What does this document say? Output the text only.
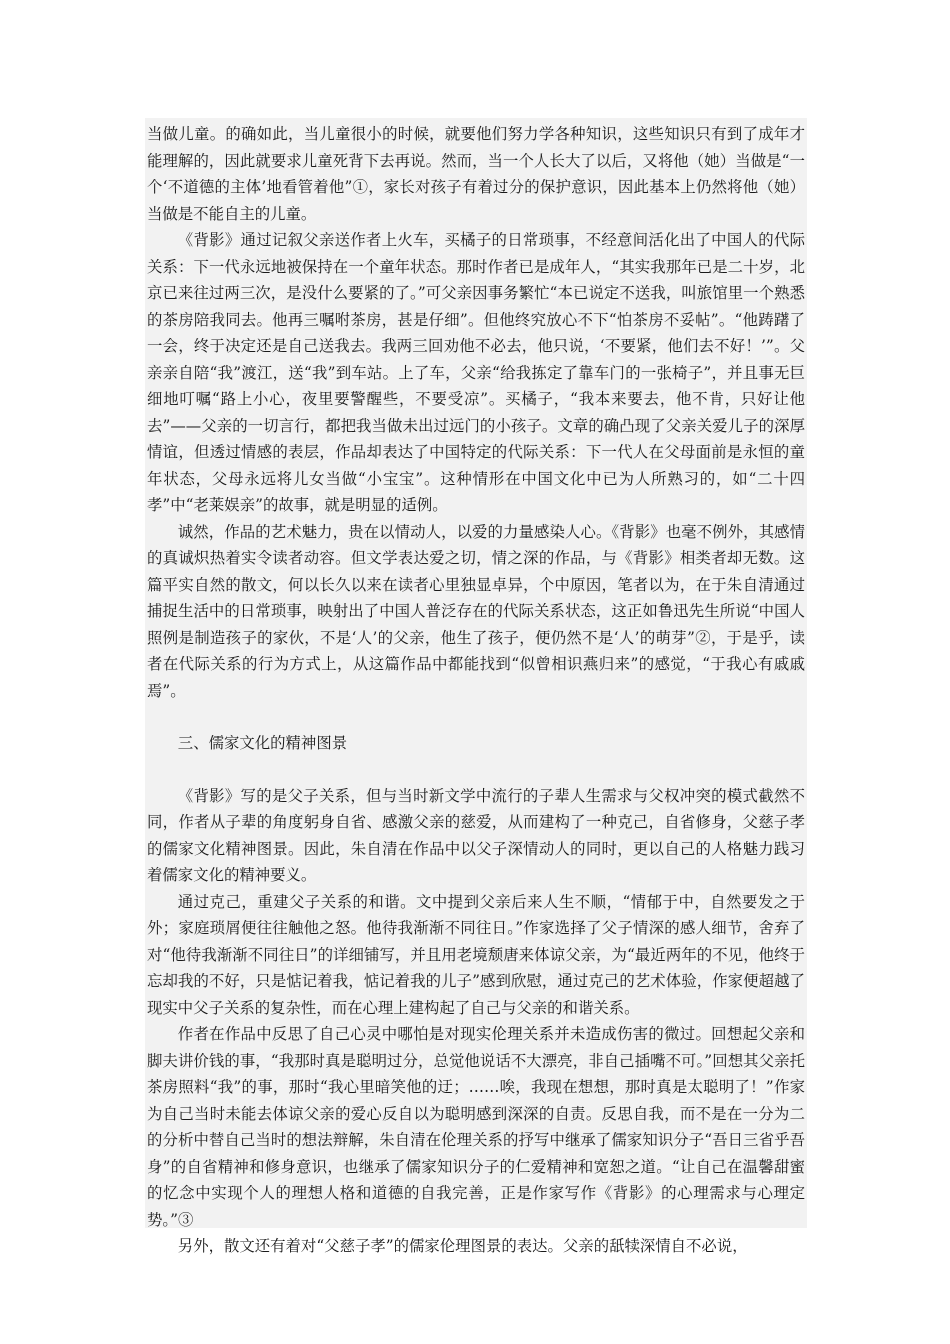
当做儿童。的确如此，当儿童很小的时候，就要他们努力学各种知识，这些知识只有到了成年才能理解的，因此就要求儿童死背下去再说。然而，当一个人长大了以后，又将他（她）当做是“一个‘不道德的主体’地看管着他”①，家长对孩子有着过分的保护意识，因此基本上仍然将他（她）当做是不能自主的儿童。

《背影》通过记叙父亲送作者上火车，买橘子的日常琐事，不经意间活化出了中国人的代际关系：下一代永远地被保持在一个童年状态。那时作者已是成年人，“其实我那年已是二十岁，北京已来往过两三次，是没什么要紧的了。”可父亲因事务繁忙“本已说定不送我，叫旅馆里一个熟悉的茶房陪我同去。他再三嘱咐茶房，甚是仔细”。但他终究放心不下“怕茶房不妥帖”。“他踌躇了一会，终于决定还是自己送我去。我两三回劝他不必去，他只说，‘不要紧，他们去不好！’”。父亲亲自陪“我”渡江，送“我”到车站。上了车，父亲“给我拣定了靠车门的一张椅子”，并且事无巨细地叮嘱“路上小心，夜里要警醒些，不要受凉”。买橘子，“我本来要去，他不肯，只好让他去”——父亲的一切言行，都把我当做未出过远门的小孩子。文章的确凸现了父亲关爱儿子的深厚情谊，但透过情感的表层，作品却表达了中国特定的代际关系：下一代人在父母面前是永恒的童年状态，父母永远将儿女当做“小宝宝”。这种情形在中国文化中已为人所熟习的，如“二十四孝”中“老莱娱亲”的故事，就是明显的适例。

诚然，作品的艺术魅力，贵在以情动人，以爱的力量感染人心。《背影》也毫不例外，其感情的真诚炽热着实令读者动容。但文学表达爱之切，情之深的作品，与《背影》相类者却无数。这篇平实自然的散文，何以长久以来在读者心里独显卓异，个中原因，笔者以为，在于朱自清通过捕捉生活中的日常琐事，映射出了中国人普泛存在的代际关系状态，这正如鲁迅先生所说“中国人照例是制造孩子的家伙，不是‘人’的父亲，他生了孩子，便仍然不是‘人’的萌芽”②，于是乎，读者在代际关系的行为方式上，从这篇作品中都能找到“似曾相识燕归来”的感觉，“于我心有戚戚焉”。

三、儒家文化的精神图景

《背影》写的是父子关系，但与当时新文学中流行的子辈人生需求与父权冲突的模式截然不同，作者从子辈的角度躬身自省、感激父亲的慈爱，从而建构了一种克己，自省修身，父慈子孝的儒家文化精神图景。因此，朱自清在作品中以父子深情动人的同时，更以自己的人格魅力践习着儒家文化的精神要义。

通过克己，重建父子关系的和谐。文中提到父亲后来人生不顺，“情郁于中，自然要发之于外；家庭琐屑便往往触他之怒。他待我渐渐不同往日。”作家选择了父子情深的感人细节，舍弃了对“他待我渐渐不同往日”的详细铺写，并且用老境颓唐来体谅父亲，为“最近两年的不见，他终于忘却我的不好，只是惦记着我，惦记着我的儿子”感到欣慰，通过克己的艺术体验，作家便超越了现实中父子关系的复杂性，而在心理上建构起了自己与父亲的和谐关系。

作者在作品中反思了自己心灵中哪怕是对现实伦理关系并未造成伤害的微过。回想起父亲和脚夫讲价钱的事，“我那时真是聪明过分，总觉他说话不大漂亮，非自己插嘴不可。”回想其父亲托茶房照料“我”的事，那时“我心里暗笑他的迂；……唉，我现在想想，那时真是太聪明了！”作家为自己当时未能去体谅父亲的爱心反自以为聪明感到深深的自责。反思自我，而不是在一分为二的分析中替自己当时的想法辩解，朱自清在伦理关系的抒写中继承了儒家知识分子“吾日三省乎吾身”的自省精神和修身意识，也继承了儒家知识分子的仁爱精神和宽恕之道。“让自己在温馨甜蜜的忆念中实现个人的理想人格和道德的自我完善，正是作家写作《背影》的心理需求与心理定势。”③

另外，散文还有着对“父慈子孝”的儒家伦理图景的表达。父亲的舐犊深情自不必说，
